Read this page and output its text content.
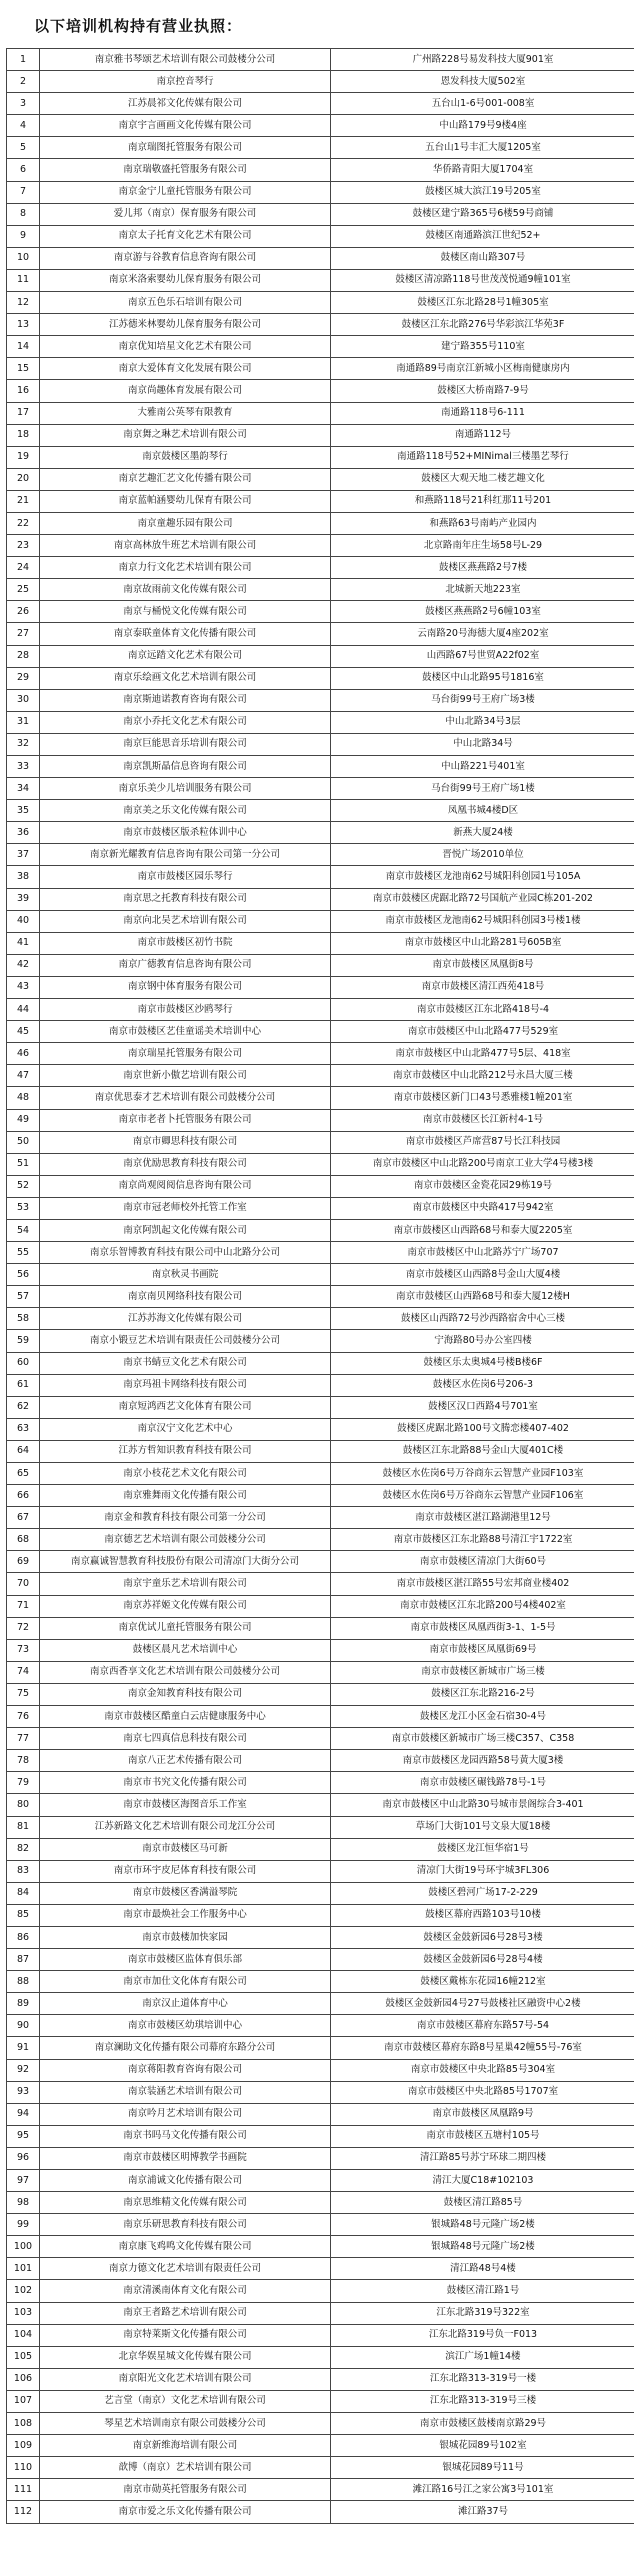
以下培训机构持有营业执照：
1	南京雅书琴颂艺术培训有限公司鼓楼分公司	广州路228号易发科技大厦901室
2	南京控音琴行	恩发科技大厦502室
3	江苏晨祁文化传媒有限公司	五台山1-6号001-008室
4	南京宇言画画文化传媒有限公司	中山路179号9楼4座
5	南京瑞图托管服务有限公司	五台山1号丰汇大厦1205室
6	南京瑞敬盛托管服务有限公司	华侨路青阳大厦1704室
7	南京金宁儿童托管服务有限公司	鼓楼区城大滨江19号205室
8	爱儿邦（南京）保育服务有限公司	鼓楼区建宁路365号6楼59号商铺
9	南京太子托育文化艺术有限公司	鼓楼区南通路滨江世纪52+
10	南京游与谷教育信息咨询有限公司	鼓楼区南山路307号
11	南京米洛索婴幼儿保育服务有限公司	鼓楼区清凉路118号世茂茂悦通9幢101室
12	南京五色乐石培训有限公司	鼓楼区江东北路28号1幢305室
13	江苏德米林婴幼儿保育服务有限公司	鼓楼区江东北路276号华彩滨江华苑3F
14	南京优知培星文化艺术有限公司	建宁路355号110室
15	南京大爱体育文化发展有限公司	南通路89号南京江新城小区梅南健康房内
16	南京尚趣体育发展有限公司	鼓楼区大桥南路7-9号
17	大雅南公英琴有限教育	南通路118号6-111
18	南京舞之琳艺术培训有限公司	南通路112号
19	南京鼓楼区墨韵琴行	南通路118号52+MINimal三楼墨艺琴行
20	南京艺趣汇艺文化传播有限公司	鼓楼区大观天地二楼艺趣文化
21	南京蓝帕涵婴幼儿保育有限公司	和燕路118号21科红那11号201
22	南京童趣乐园有限公司	和燕路63号南屿产业园内
23	南京高林放牛班艺术培训有限公司	北京路南年庄生场58号L-29
24	南京力行文化艺术培训有限公司	鼓楼区燕燕路2号7楼
25	南京故雨前文化传媒有限公司	北城新天地223室
26	南京与桶悦文化传媒有限公司	鼓楼区燕燕路2号6幢103室
27	南京泰联童体育文化传播有限公司	云南路20号海德大厦4座202室
28	南京远踏文化艺术有限公司	山西路67号世贸A22f02室
29	南京乐绘画文化艺术培训有限公司	鼓楼区中山北路95号1816室
30	南京斯迪诺教育咨询有限公司	马台街99号王府广场3楼
31	南京小乔托文化艺术有限公司	中山北路34号3层
32	南京巨能思音乐培训有限公司	中山北路34号
33	南京凯斯晶信息咨询有限公司	中山路221号401室
34	南京乐美少儿培训服务有限公司	马台街99号王府广场1楼
35	南京美之乐文化传媒有限公司	凤凰书城4楼D区
36	南京市鼓楼区版杀粒体训中心	新燕大厦24楼
37	南京新光耀教育信息咨询有限公司第一分公司	晋悦广场2010单位
38	南京市鼓楼区园乐琴行	南京市鼓楼区龙池南62号城阳科创园1号105A
39	南京思之托教育科技有限公司	南京市鼓楼区虎踞北路72号国航产业园C栋201-202
40	南京向北吴艺术培训有限公司	南京市鼓楼区龙池南62号城阳科创园3号楼1楼
41	南京市鼓楼区初竹书院	南京市鼓楼区中山北路281号605B室
42	南京广德教育信息咨询有限公司	南京市鼓楼区凤凰街8号
43	南京钢中体育服务有限公司	南京市鼓楼区清江西苑418号
44	南京市鼓楼区沙鸥琴行	南京市鼓楼区江东北路418号-4
45	南京市鼓楼区艺佳童谣美术培训中心	南京市鼓楼区中山北路477号529室
46	南京瑞星托管服务有限公司	南京市鼓楼区中山北路477号5层、418室
47	南京世新小傲艺培训有限公司	南京市鼓楼区中山北路212号永昌大厦三楼
48	南京优思泰才艺术培训有限公司鼓楼分公司	南京市鼓楼区新门口43号悉雅楼1幢201室
49	南京市老者卜托管服务有限公司	南京市鼓楼区长江新村4-1号
50	南京市卿思科技有限公司	南京市鼓楼区芦席营87号长江科技园
51	南京优励思教育科技有限公司	南京市鼓楼区中山北路200号南京工业大学4号楼3楼
52	南京尚观阅阅信息咨询有限公司	南京市鼓楼区金瓷花园29栋19号
53	南京市冠老师校外托管工作室	南京市鼓楼区中央路417号942室
54	南京阿凯起文化传媒有限公司	南京市鼓楼区山西路68号和泰大厦2205室
55	南京乐智博教育科技有限公司中山北路分公司	南京市鼓楼区中山北路苏宁广场707
56	南京秋灵书画院	南京市鼓楼区山西路8号金山大厦4楼
57	南京南贝网络科技有限公司	南京市鼓楼区山西路68号和泰大厦12楼H
58	江苏苏海文化传媒有限公司	鼓楼区山西路72号沙西路宿舍中心三楼
59	南京小锻豆艺术培训有限责任公司鼓楼分公司	宁海路80号办公室四楼
60	南京书蜻豆文化艺术有限公司	鼓楼区乐太奥城4号楼B楼6F
61	南京玛祖卡网络科技有限公司	鼓楼区水佐岗6号206-3
62	南京短鸿西艺文化体育有限公司	鼓楼区汉口西路4号701室
63	南京汉宁文化艺术中心	鼓楼区虎踞北路100号文腾恋楼407-402
64	江苏方哲知识教育科技有限公司	鼓楼区江东北路88号金山大厦401C楼
65	南京小枝花艺术文化有限公司	鼓楼区水佐岗6号万谷商东云智慧产业园F103室
66	南京雅舞雨文化传播有限公司	鼓楼区水佐岗6号万谷商东云智慧产业园F106室
67	南京金和教育科技有限公司第一分公司	南京市鼓楼区湛江路湖港里12号
68	南京德艺艺术培训有限公司鼓楼分公司	南京市鼓楼区江东北路88号清江宇1722室
69	南京赢诚智慧教育科技股份有限公司清凉门大街分公司	南京市鼓楼区清凉门大街60号
70	南京宇童乐艺术培训有限公司	南京市鼓楼区湛江路55号宏邦商业楼402
71	南京苏祥姬文化传媒有限公司	南京市鼓楼区江东北路200号4楼402室
72	南京优试儿童托管服务有限公司	南京市鼓楼区凤凰西街3-1、1-5号
73	鼓楼区晨凡艺术培训中心	南京市鼓楼区凤凰街69号
74	南京西香享文化艺术培训有限公司鼓楼分公司	南京市鼓楼区新城市广场三楼
75	南京金知教育科技有限公司	鼓楼区江东北路216-2号
76	南京市鼓楼区酷童白云店健康服务中心	鼓楼区龙江小区金石宿30-4号
77	南京七四真信息科技有限公司	南京市鼓楼区新城市广场三楼C357、C358
78	南京八正艺术传播有限公司	南京市鼓楼区龙园西路58号黄大厦3楼
79	南京市书究文化传播有限公司	南京市鼓楼区碾钱路78号-1号
80	南京市鼓楼区海图音乐工作室	南京市鼓楼区中山北路30号城市景阁综合3-401
81	江苏新路文化艺术培训有限公司龙江分公司	草场门大街101号文泉大厦18楼
82	南京市鼓楼区马可新	鼓楼区龙江恒华宿1号
83	南京市环宇皮尼体育科技有限公司	清凉门大街19号环宇城3FL306
84	南京市鼓楼区香满溢琴院	鼓楼区碧河广场17-2-229
85	南京市最焕社会工作服务中心	鼓楼区幕府西路103号10楼
86	南京市鼓楼加快家园	鼓楼区金鼓新园6号28号3楼
87	南京市鼓楼区监体育俱乐部	鼓楼区金鼓新园6号28号4楼
88	南京市加仕文化体育有限公司	鼓楼区戴栋东花园16幢212室
89	南京汉止道体育中心	鼓楼区金鼓新园4号27号鼓楼社区融资中心2楼
90	南京市鼓楼区幼琪培训中心	南京市鼓楼区幕府东路57号-54
91	南京澜助文化传播有限公司幕府东路分公司	南京市鼓楼区幕府东路8号星巢42幢55号-76室
92	南京蒋阳教育咨询有限公司	南京市鼓楼区中央北路85号304室
93	南京装涵艺术培训有限公司	南京市鼓楼区中央北路85号1707室
94	南京吟月艺术培训有限公司	南京市鼓楼区凤凰路9号
95	南京书吗马文化传播有限公司	南京市鼓楼区五塘村105号
96	南京市鼓楼区明博教学书画院	清江路85号苏宁环球二期四楼
97	南京浦诚文化传播有限公司	清江大厦C18#102103
98	南京思维精文化传媒有限公司	鼓楼区清江路85号
99	南京乐研思教育科技有限公司	银城路48号元隆广场2楼
100	南京康飞鸡鸣文化传媒有限公司	银城路48号元隆广场2楼
101	南京力德文化艺术培训有限责任公司	清江路48号4楼
102	南京清溪南体育文化有限公司	鼓楼区清江路1号
103	南京王者路艺术培训有限公司	江东北路319号322室
104	南京特莱斯文化传播有限公司	江东北路319号负一F013
105	北京华娱星城文化传媒有限公司	滨江广场1幢14楼
106	南京阳光文化艺术培训有限公司	江东北路313-319号一楼
107	艺言堂（南京）文化艺术培训有限公司	江东北路313-319号三楼
108	琴星艺术培训南京有限公司鼓楼分公司	南京市鼓楼区鼓楼南京路29号
109	南京新维海培训有限公司	银城花园89号102室
110	歆博（南京）艺术培训有限公司	银城花园89号11号
111	南京市勋英托管服务有限公司	滩江路16号江之家公寓3号101室
112	南京市爱之乐文化传播有限公司	滩江路37号
